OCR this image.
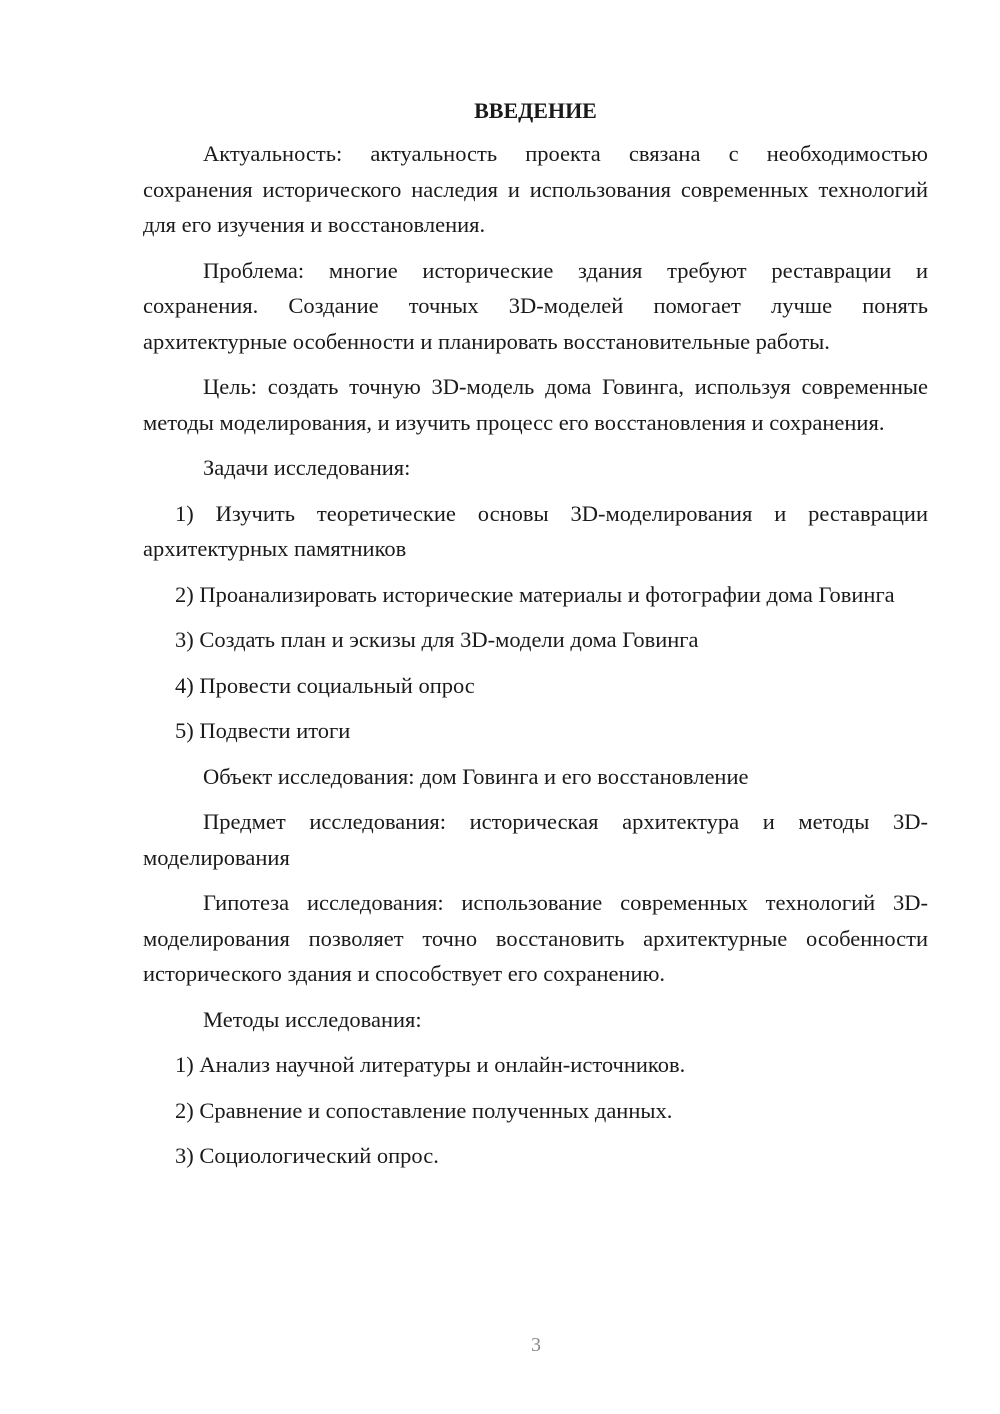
ВВЕДЕНИЕ

Актуальность: актуальность проекта связана с необходимостью сохранения исторического наследия и использования современных технологий для его изучения и восстановления.

Проблема: многие исторические здания требуют реставрации и сохранения. Создание точных 3D-моделей помогает лучше понять архитектурные особенности и планировать восстановительные работы.

Цель: создать точную 3D-модель дома Говинга, используя современные методы моделирования, и изучить процесс его восстановления и сохранения.

Задачи исследования:

1) Изучить теоретические основы 3D-моделирования и реставрации архитектурных памятников

2) Проанализировать исторические материалы и фотографии дома Говинга

3) Создать план и эскизы для 3D-модели дома Говинга

4) Провести социальный опрос

5) Подвести итоги

Объект исследования: дом Говинга и его восстановление

Предмет исследования: историческая архитектура и методы 3D-моделирования

Гипотеза исследования: использование современных технологий 3D-моделирования позволяет точно восстановить архитектурные особенности исторического здания и способствует его сохранению.

Методы исследования:

1) Анализ научной литературы и онлайн-источников.

2) Сравнение и сопоставление полученных данных.

3) Социологический опрос.

3
